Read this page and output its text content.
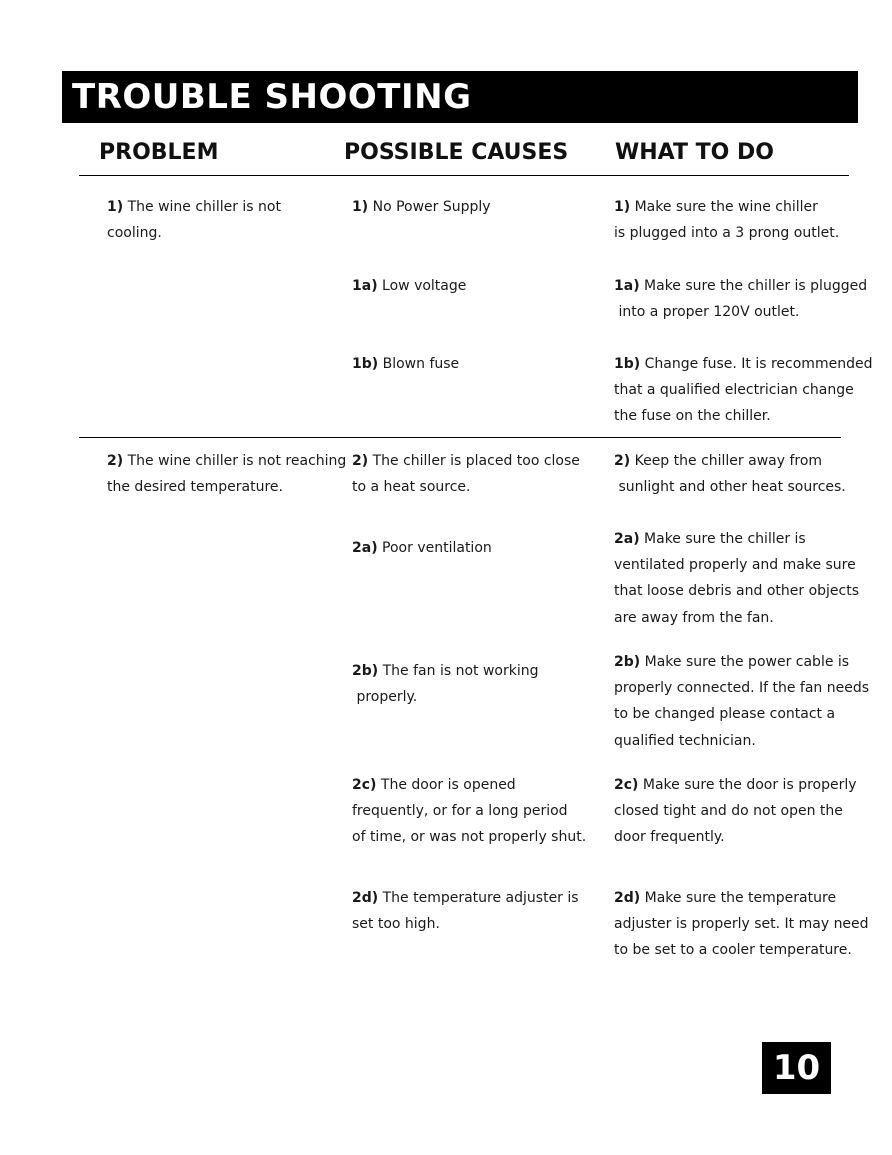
TROUBLE SHOOTING
PROBLEM	POSSIBLE CAUSES WHAT TO DO
1) The wine chiller is not
cooling.
1) No Power Supply
1a) Low voltage
1b) Blown fuse
1) Make sure the wine chiller
is plugged into a 3 prong outlet.
1a) Make sure the chiller is plugged
into a proper 120V outlet.
1b) Change fuse. It is recommended
that a qualified electrician change
the fuse on the chiller.
2) The wine chiller is not reaching
the desired temperature.
2) The chiller is placed too close
to a heat source.
2a) Poor ventilation
2b) The fan is not working
properly.
2c) The door is opened
frequently, or for a long period
of time, or was not properly shut.
2d) The temperature adjuster is
set too high.
2) Keep the chiller away from
sunlight and other heat sources.
2a) Make sure the chiller is
ventilated properly and make sure
that loose debris and other objects
are away from the fan.
2b) Make sure the power cable is
properly connected. If the fan needs
to be changed please contact a
qualified technician.
2c) Make sure the door is properly
closed tight and do not open the
door frequently.
2d) Make sure the temperature
adjuster is properly set. It may need
to be set to a cooler temperature.
10
